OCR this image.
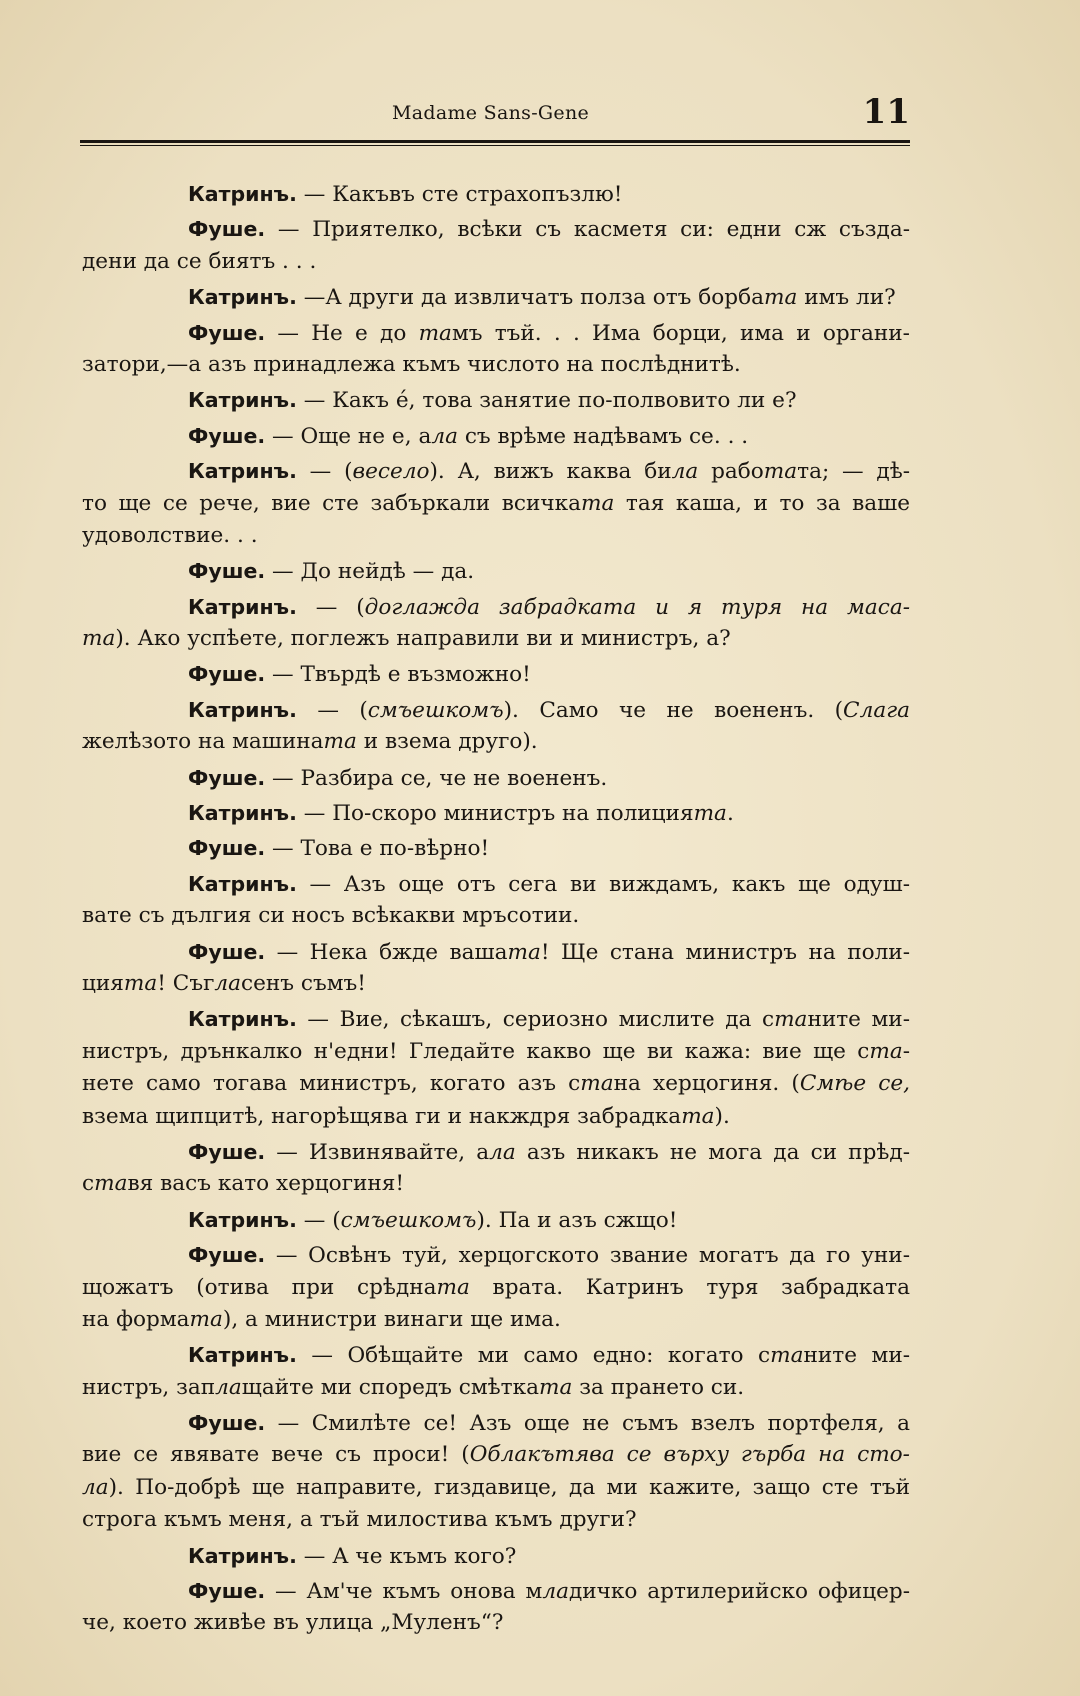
Madame Sans-Gene	11
Катринъ. — Какъвъ сте страхопъзлю!
Фуше. — Приятелко, всѣки съ касметя си: едни сж създа-
дени да се биятъ . . .
Катринъ. —А други да извличатъ полза отъ борбата имъ ли?
Фуше. — Не е до тамъ тъй. . . Има борци, има и органи-
затори,—а азъ принадлежа къмъ числото на послѣднитѣ.
Катринъ. — Какъ е́, това занятие по-полвовито ли е?
Фуше. — Още не е, ала съ врѣме надѣвамъ се. . .
Катринъ. — (весело). А, вижъ каква била работата; — дѣ-
то ще се рече, вие сте забъркали всичката тая каша, и то за ваше
удоволствие. . .
Фуше. — До нейдѣ — да.
Катринъ. — (доглажда забрадката и я туря на маса-
та). Ако успѣете, поглежъ направили ви и министръ, а?
Фуше. — Твърдѣ е възможно!
Катринъ. — (смъешкомъ). Само че не воененъ. (Слага
желѣзото на машината и взема друго).
Фуше. — Разбира се, че не воененъ.
Катринъ. — По-скоро министръ на полицията.
Фуше. — Това е по-вѣрно!
Катринъ. — Азъ още отъ сега ви виждамъ, какъ ще одуш-
вате съ дългия си носъ всѣкакви мръсотии.
Фуше. — Нека бжде вашата! Ще стана министръ на поли-
цията! Съгласенъ съмъ!
Катринъ. — Вие, сѣкашъ, сериозно мислите да станите ми-
нистръ, дрънкалко н'едни! Гледайте какво ще ви кажа: вие ще ста-
нете само тогава министръ, когато азъ стана херцогиня. (Смѣе се,
взема щипцитѣ, нагорѣщява ги и накждря забрадката).
Фуше. — Извинявайте, ала азъ никакъ не мога да си прѣд-
ставя васъ като херцогиня!
Катринъ. — (смъешкомъ). Па и азъ сжщо!
Фуше. — Освѣнъ туй, херцогското звание могатъ да го уни-
щожатъ (отива при срѣдната врата. Катринъ туря забрадката
на формата), а министри винаги ще има.
Катринъ. — Обѣщайте ми само едно: когато станите ми-
нистръ, заплащайте ми споредъ смѣтката за прането си.
Фуше. — Смилѣте се! Азъ още не съмъ взелъ портфеля, а
вие се явявате вече съ проси! (Облакътява се върху гърба на сто-
ла). По-добрѣ ще направите, гиздавице, да ми кажите, защо сте тъй
строга къмъ меня, а тъй милостива къмъ други?
Катринъ. — А че къмъ кого?
Фуше. — Ам'че къмъ онова младичко артилерийско офицер-
че, което живѣе въ улица „Муленъ“?
